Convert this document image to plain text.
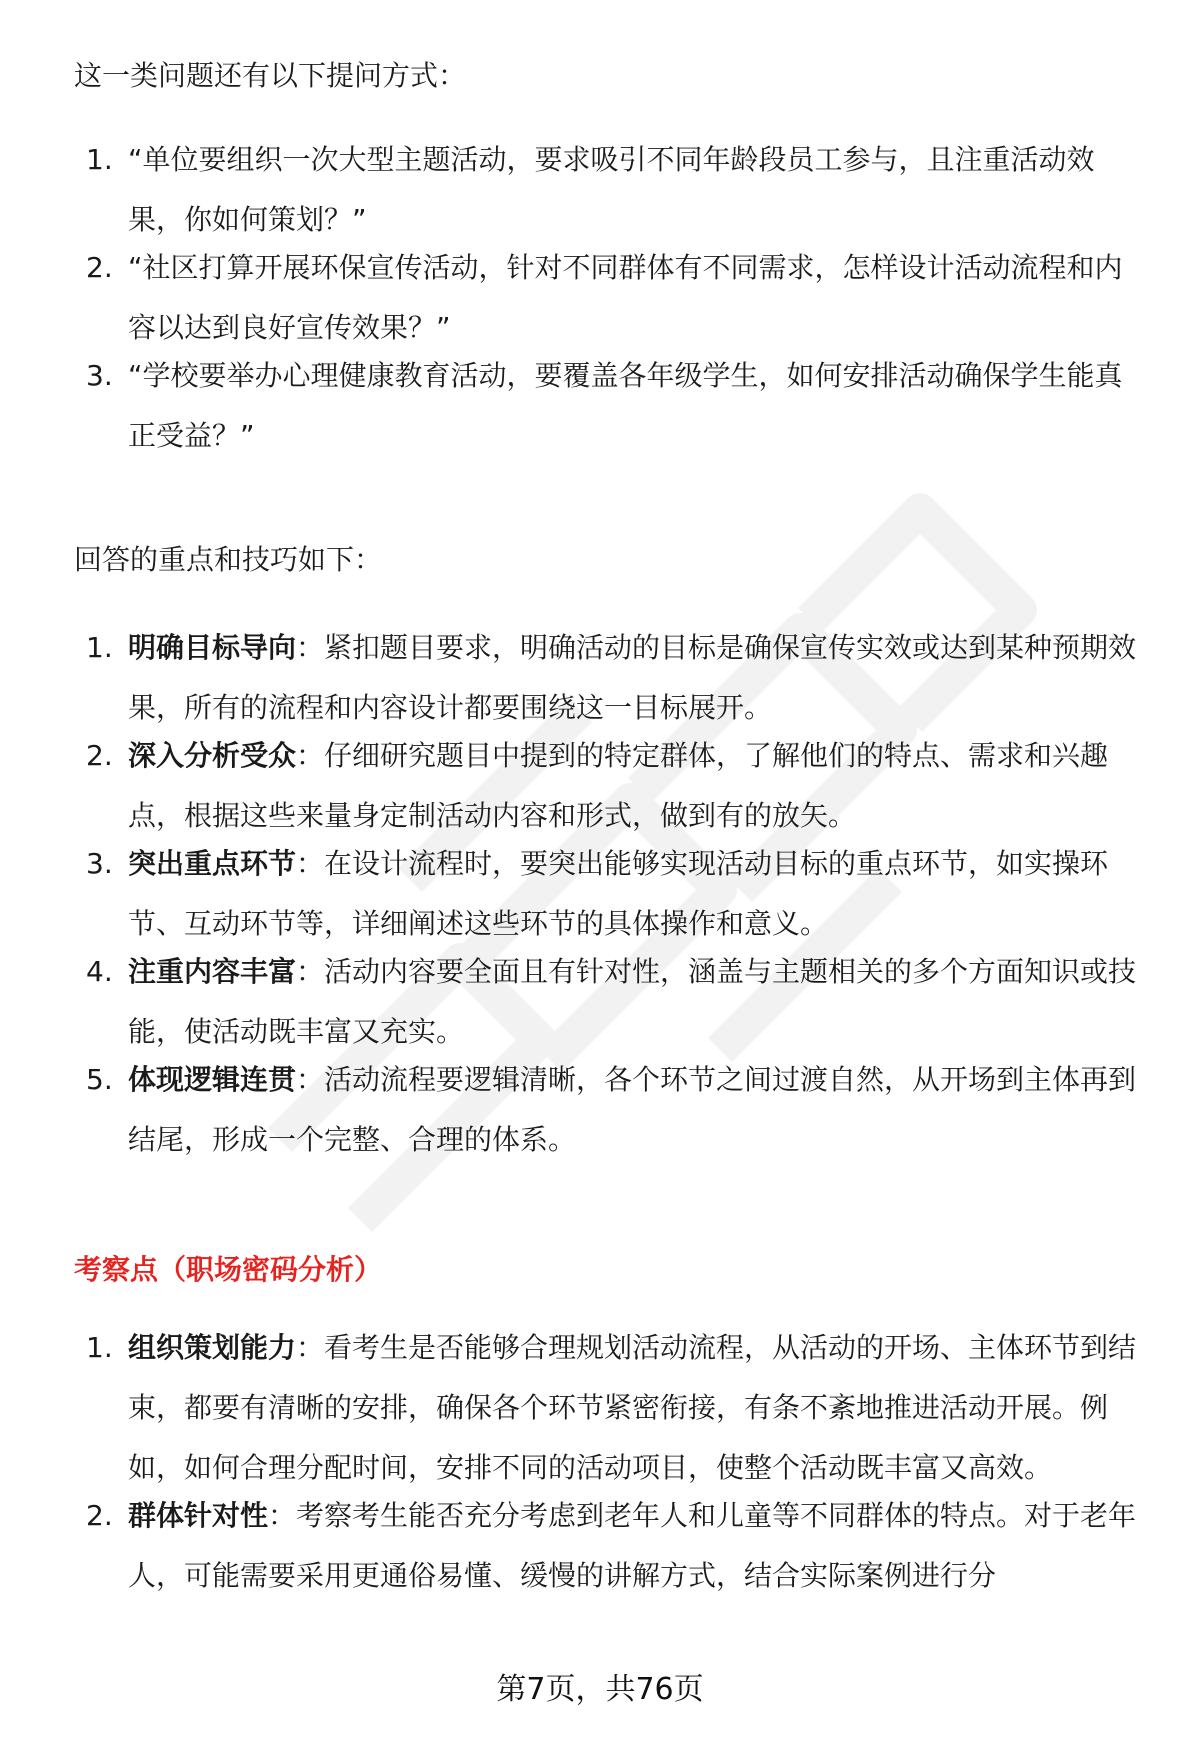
这一类问题还有以下提问方式：

1. “单位要组织一次大型主题活动，要求吸引不同年龄段员工参与，且注重活动效果，你如何策划？”
2. “社区打算开展环保宣传活动，针对不同群体有不同需求，怎样设计活动流程和内容以达到良好宣传效果？”
3. “学校要举办心理健康教育活动，要覆盖各年级学生，如何安排活动确保学生能真正受益？”

回答的重点和技巧如下：

1. 明确目标导向：紧扣题目要求，明确活动的目标是确保宣传实效或达到某种预期效果，所有的流程和内容设计都要围绕这一目标展开。
2. 深入分析受众：仔细研究题目中提到的特定群体，了解他们的特点、需求和兴趣点，根据这些来量身定制活动内容和形式，做到有的放矢。
3. 突出重点环节：在设计流程时，要突出能够实现活动目标的重点环节，如实操环节、互动环节等，详细阐述这些环节的具体操作和意义。
4. 注重内容丰富：活动内容要全面且有针对性，涵盖与主题相关的多个方面知识或技能，使活动既丰富又充实。
5. 体现逻辑连贯：活动流程要逻辑清晰，各个环节之间过渡自然，从开场到主体再到结尾，形成一个完整、合理的体系。

考察点（职场密码分析）

1. 组织策划能力：看考生是否能够合理规划活动流程，从活动的开场、主体环节到结束，都要有清晰的安排，确保各个环节紧密衔接，有条不紊地推进活动开展。例如，如何合理分配时间，安排不同的活动项目，使整个活动既丰富又高效。
2. 群体针对性：考察考生能否充分考虑到老年人和儿童等不同群体的特点。对于老年人，可能需要采用更通俗易懂、缓慢的讲解方式，结合实际案例进行分
第7页，共76页
